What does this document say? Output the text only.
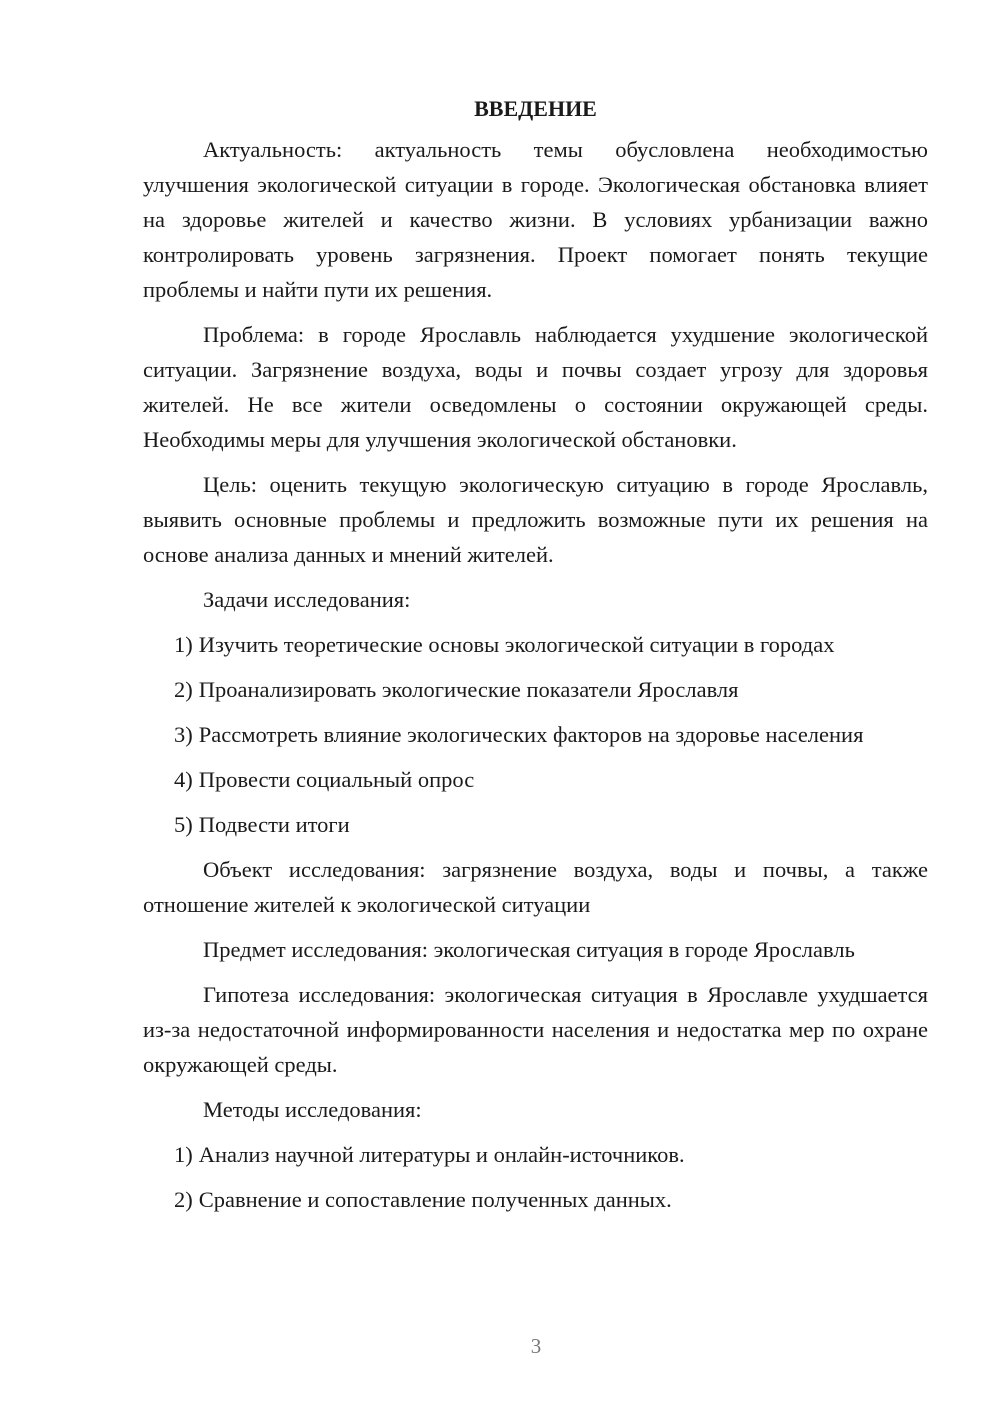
ВВЕДЕНИЕ

Актуальность: актуальность темы обусловлена необходимостью улучшения экологической ситуации в городе. Экологическая обстановка влияет на здоровье жителей и качество жизни. В условиях урбанизации важно контролировать уровень загрязнения. Проект помогает понять текущие проблемы и найти пути их решения.

Проблема: в городе Ярославль наблюдается ухудшение экологической ситуации. Загрязнение воздуха, воды и почвы создает угрозу для здоровья жителей. Не все жители осведомлены о состоянии окружающей среды. Необходимы меры для улучшения экологической обстановки.

Цель: оценить текущую экологическую ситуацию в городе Ярославль, выявить основные проблемы и предложить возможные пути их решения на основе анализа данных и мнений жителей.

Задачи исследования:

1) Изучить теоретические основы экологической ситуации в городах

2) Проанализировать экологические показатели Ярославля

3) Рассмотреть влияние экологических факторов на здоровье населения

4) Провести социальный опрос

5) Подвести итоги

Объект исследования: загрязнение воздуха, воды и почвы, а также отношение жителей к экологической ситуации

Предмет исследования: экологическая ситуация в городе Ярославль

Гипотеза исследования: экологическая ситуация в Ярославле ухудшается из-за недостаточной информированности населения и недостатка мер по охране окружающей среды.

Методы исследования:

1) Анализ научной литературы и онлайн-источников.

2) Сравнение и сопоставление полученных данных.

3
